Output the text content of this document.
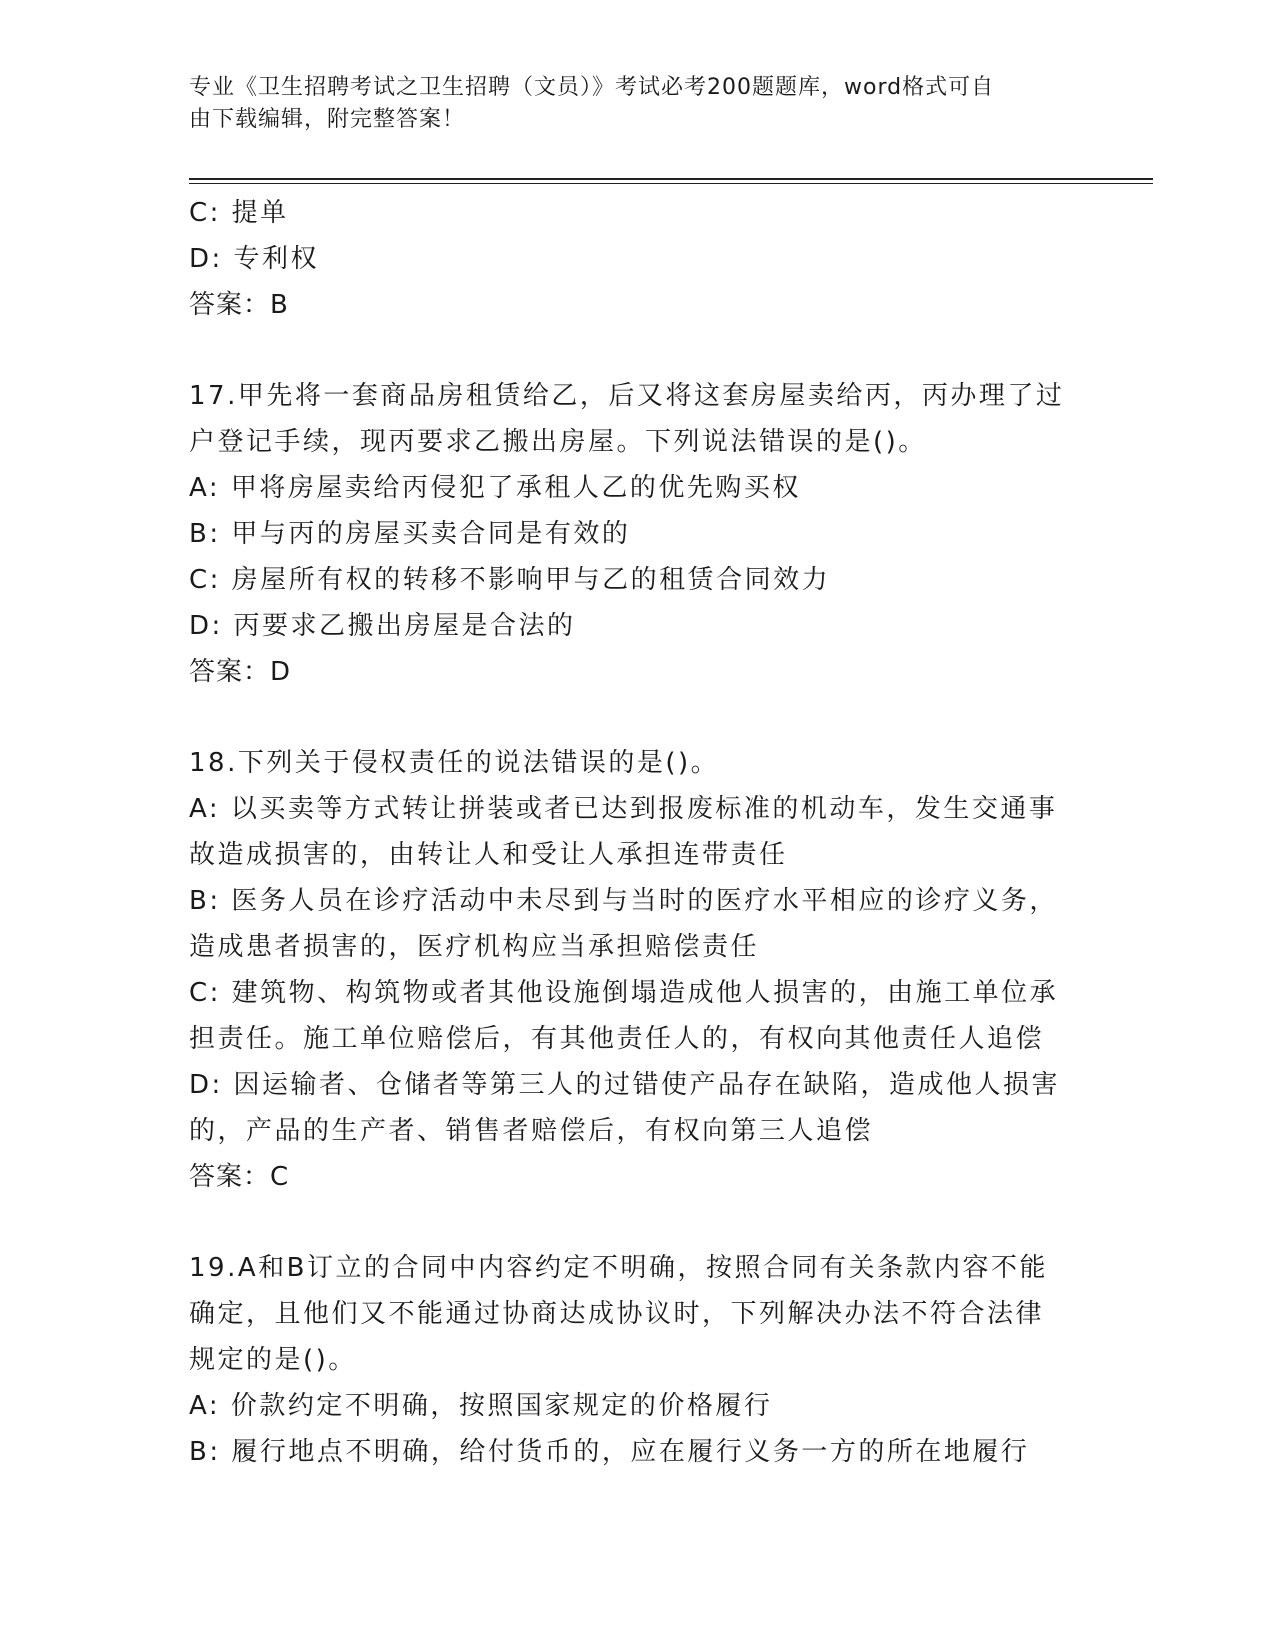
专业《卫生招聘考试之卫生招聘（文员）》考试必考200题题库，word格式可自
由下载编辑，附完整答案！
C: 提单
D: 专利权
答案：B
17.甲先将一套商品房租赁给乙，后又将这套房屋卖给丙，丙办理了过
户登记手续，现丙要求乙搬出房屋。下列说法错误的是()。
A: 甲将房屋卖给丙侵犯了承租人乙的优先购买权
B: 甲与丙的房屋买卖合同是有效的
C: 房屋所有权的转移不影响甲与乙的租赁合同效力
D: 丙要求乙搬出房屋是合法的
答案：D
18.下列关于侵权责任的说法错误的是()。
A: 以买卖等方式转让拼装或者已达到报废标准的机动车，发生交通事
故造成损害的，由转让人和受让人承担连带责任
B: 医务人员在诊疗活动中未尽到与当时的医疗水平相应的诊疗义务，
造成患者损害的，医疗机构应当承担赔偿责任
C: 建筑物、构筑物或者其他设施倒塌造成他人损害的，由施工单位承
担责任。施工单位赔偿后，有其他责任人的，有权向其他责任人追偿
D: 因运输者、仓储者等第三人的过错使产品存在缺陷，造成他人损害
的，产品的生产者、销售者赔偿后，有权向第三人追偿
答案：C
19.A和B订立的合同中内容约定不明确，按照合同有关条款内容不能
确定，且他们又不能通过协商达成协议时，下列解决办法不符合法律
规定的是()。
A: 价款约定不明确，按照国家规定的价格履行
B: 履行地点不明确，给付货币的，应在履行义务一方的所在地履行
